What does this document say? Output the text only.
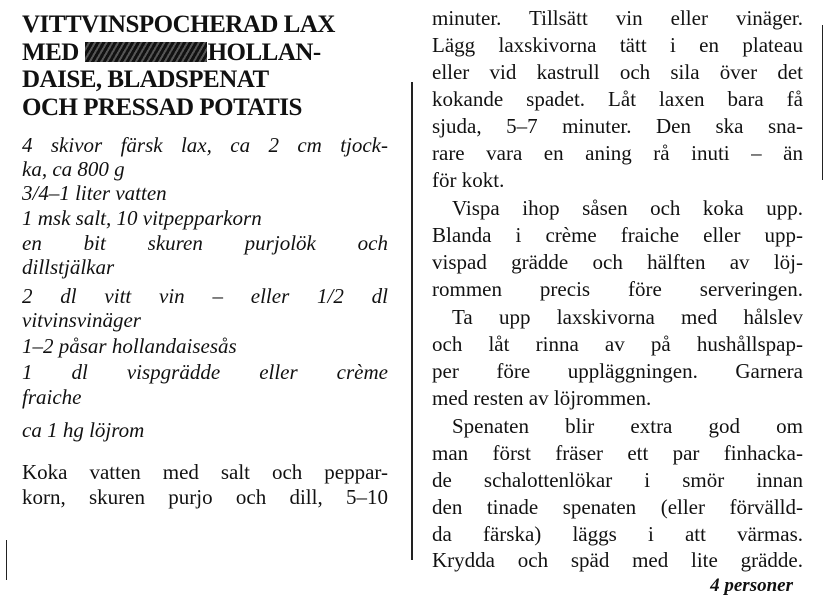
VITTVINSPOCHERAD LAX
MED	HOLLAN-
DAISE, BLADSPENAT
OCH PRESSAD POTATIS
4 skivor färsk lax, ca 2 cm tjock-
ka, ca 800 g
3/4–1 liter vatten
1 msk salt, 10 vitpepparkorn
en bit skuren purjolök och
dillstjälkar
2 dl vitt vin – eller 1/2 dl
vitvinsvinäger
1–2 påsar hollandaisesås
1 dl vispgrädde eller crème
fraiche
ca 1 hg löjrom
Koka vatten med salt och peppar-
korn, skuren purjo och dill, 5–10
minuter. Tillsätt vin eller vinäger.
Lägg laxskivorna tätt i en plateau
eller vid kastrull och sila över det
kokande spadet. Låt laxen bara få
sjuda, 5–7 minuter. Den ska sna-
rare vara en aning rå inuti – än
för kokt.
Vispa ihop såsen och koka upp.
Blanda i crème fraiche eller upp-
vispad grädde och hälften av löj-
rommen precis före serveringen.
Ta upp laxskivorna med hålslev
och låt rinna av på hushållspap-
per före uppläggningen. Garnera
med resten av löjrommen.
Spenaten blir extra god om
man först fräser ett par finhacka-
de schalottenlökar i smör innan
den tinade spenaten (eller förvälld-
da färska) läggs i att värmas.
Krydda och späd med lite grädde.
4 personer
